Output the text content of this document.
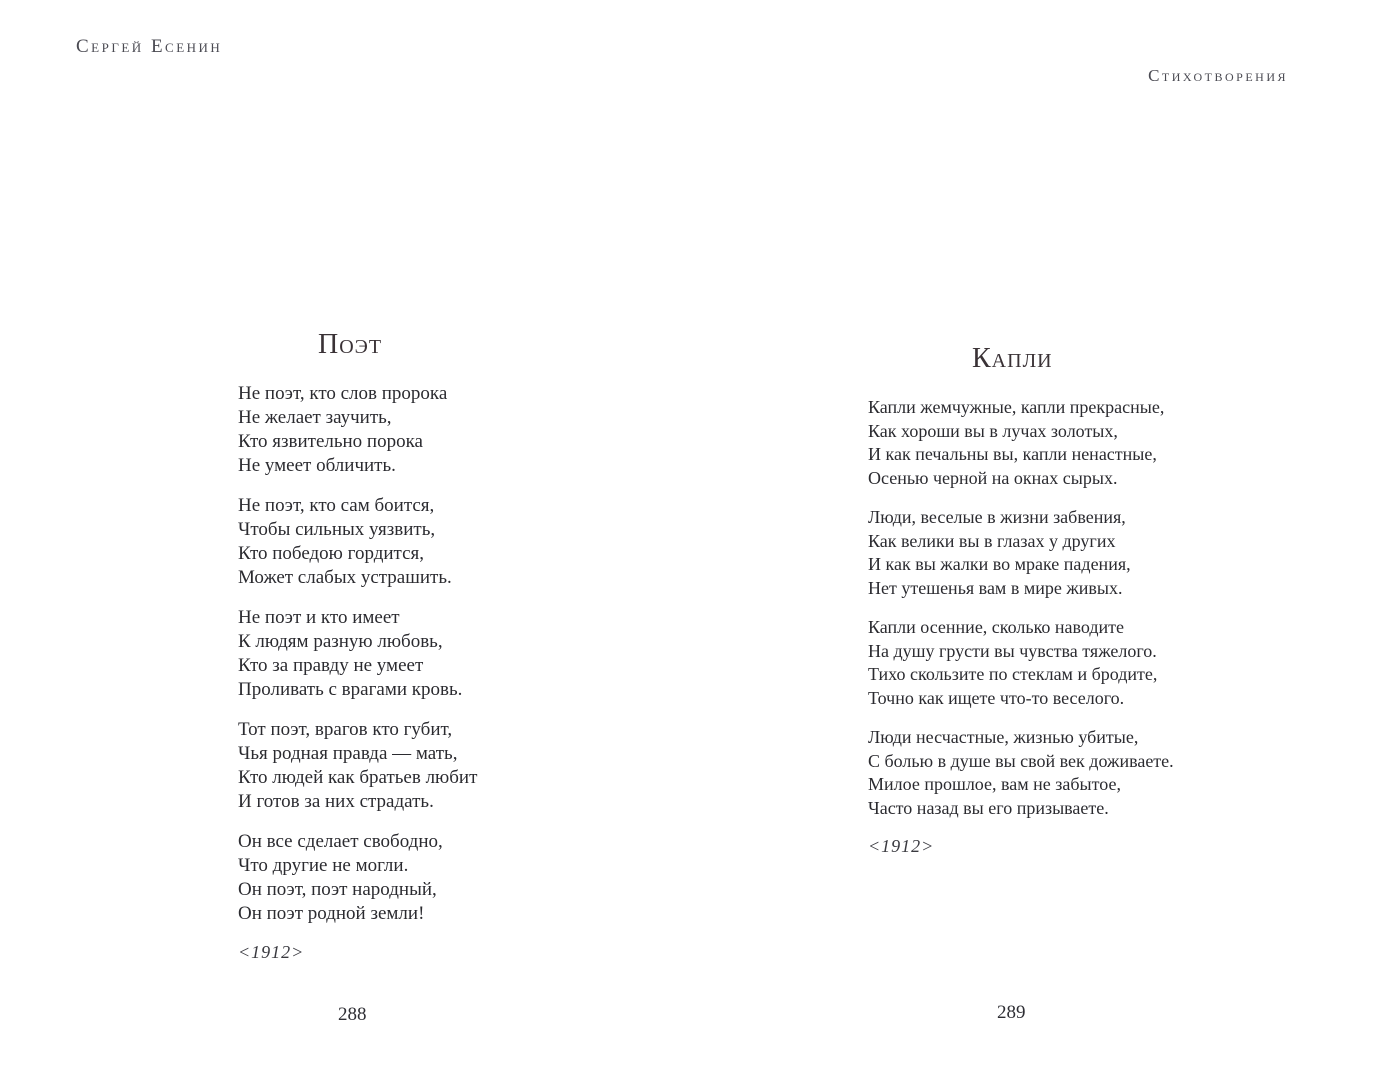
Сергей Есенин
Поэт
Не поэт, кто слов пророка
Не желает заучить,
Кто язвительно порока
Не умеет обличить.
Не поэт, кто сам боится,
Чтобы сильных уязвить,
Кто победою гордится,
Может слабых устрашить.
Не поэт и кто имеет
К людям разную любовь,
Кто за правду не умеет
Проливать с врагами кровь.
Тот поэт, врагов кто губит,
Чья родная правда — мать,
Кто людей как братьев любит
И готов за них страдать.
Он все сделает свободно,
Что другие не могли.
Он поэт, поэт народный,
Он поэт родной земли!
<1912>
288
Стихотворения
Капли
Капли жемчужные, капли прекрасные,
Как хороши вы в лучах золотых,
И как печальны вы, капли ненастные,
Осенью черной на окнах сырых.
Люди, веселые в жизни забвения,
Как велики вы в глазах у других
И как вы жалки во мраке падения,
Нет утешенья вам в мире живых.
Капли осенние, сколько наводите
На душу грусти вы чувства тяжелого.
Тихо скользите по стеклам и бродите,
Точно как ищете что-то веселого.
Люди несчастные, жизнью убитые,
С болью в душе вы свой век доживаете.
Милое прошлое, вам не забытое,
Часто назад вы его призываете.
<1912>
289
